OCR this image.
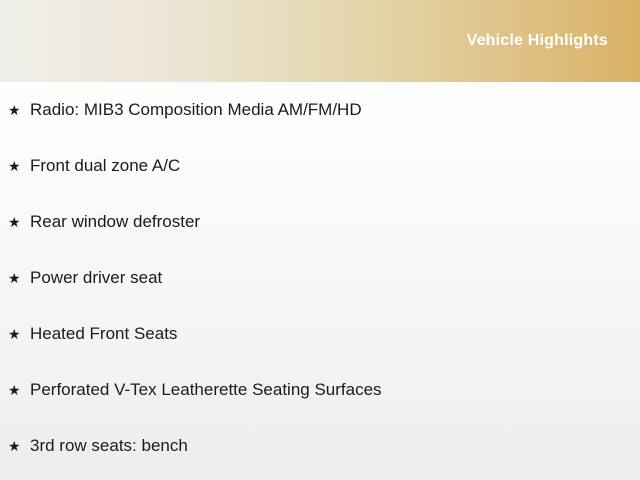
Vehicle Highlights
★ Radio: MIB3 Composition Media AM/FM/HD
★ Front dual zone A/C
★ Rear window defroster
★ Power driver seat
★ Heated Front Seats
★ Perforated V-Tex Leatherette Seating Surfaces
★ 3rd row seats: bench
